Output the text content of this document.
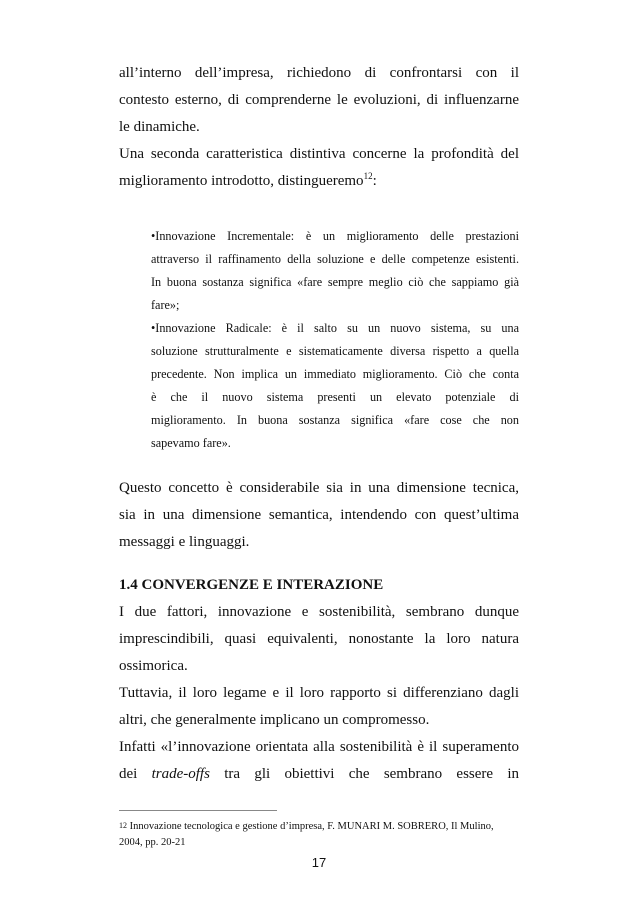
all’interno dell’impresa, richiedono di confrontarsi con il
contesto esterno, di comprenderne le evoluzioni, di influenzarne
le dinamiche.
Una seconda caratteristica distintiva concerne la profondità del
miglioramento introdotto, distingueremo$^{12}$:
•Innovazione Incrementale: è un miglioramento delle prestazioni
attraverso il raffinamento della soluzione e delle competenze esistenti.
In buona sostanza significa «fare sempre meglio ciò che sappiamo già
fare»;
•Innovazione Radicale: è il salto su un nuovo sistema, su una
soluzione strutturalmente e sistematicamente diversa rispetto a quella
precedente. Non implica un immediato miglioramento. Ciò che conta
è che il nuovo sistema presenti un elevato potenziale di
miglioramento. In buona sostanza significa «fare cose che non
sapevamo fare».
Questo concetto è considerabile sia in una dimensione tecnica,
sia in una dimensione semantica, intendendo con quest’ultima
messaggi e linguaggi.
1.4 CONVERGENZE E INTERAZIONE
I due fattori, innovazione e sostenibilità, sembrano dunque
imprescindibili, quasi equivalenti, nonostante la loro natura
ossimorica.
Tuttavia, il loro legame e il loro rapporto si differenziano dagli
altri, che generalmente implicano un compromesso.
Infatti «l’innovazione orientata alla sostenibilità è il superamento
dei trade-offs tra gli obiettivi che sembrano essere in
12 Innovazione tecnologica e gestione d’impresa, F. MUNARI M. SOBRERO, Il Mulino,
2004, pp. 20-21
17
